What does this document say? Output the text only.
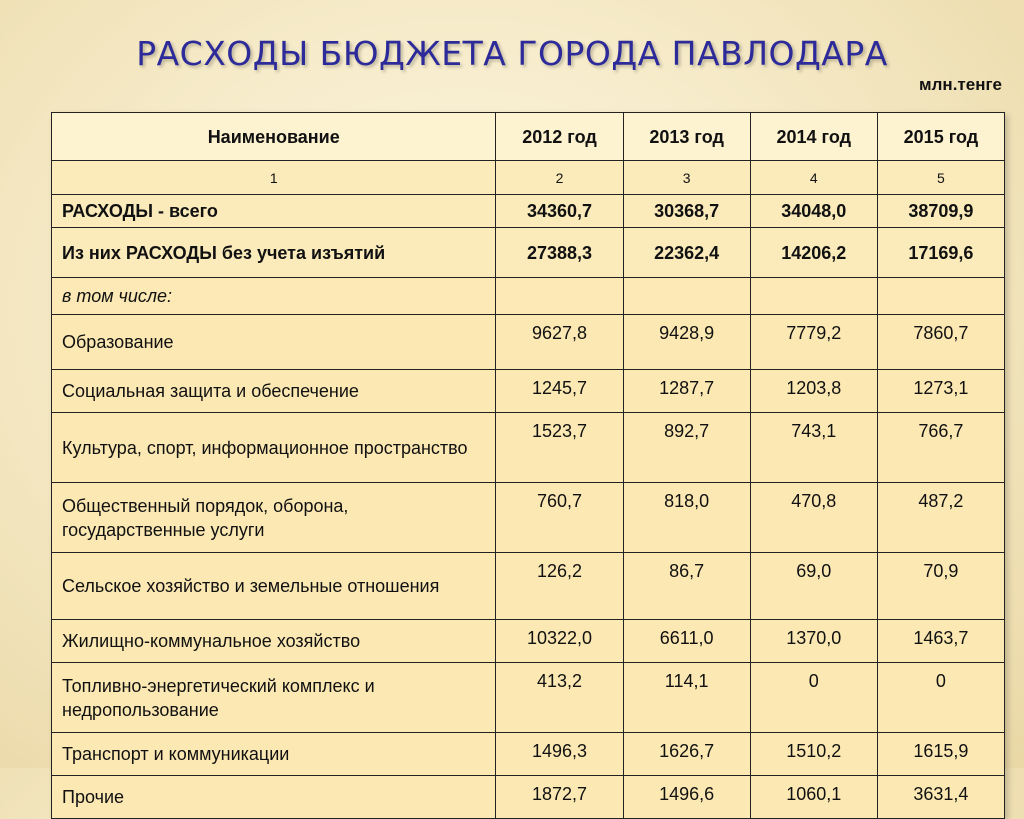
РАСХОДЫ БЮДЖЕТА ГОРОДА ПАВЛОДАРА
млн.тенге
Наименование	2012 год	2013 год	2014 год	2015 год
1	2	3	4	5
РАСХОДЫ - всего	34360,7	30368,7	34048,0	38709,9
Из них РАСХОДЫ без учета изъятий	27388,3	22362,4	14206,2	17169,6
в том числе:				
Образование	9627,8	9428,9	7779,2	7860,7
Социальная защита и обеспечение	1245,7	1287,7	1203,8	1273,1
Культура, спорт, информационное пространство	1523,7	892,7	743,1	766,7
Общественный порядок, оборона, государственные услуги	760,7	818,0	470,8	487,2
Сельское хозяйство и земельные отношения	126,2	86,7	69,0	70,9
Жилищно-коммунальное хозяйство	10322,0	6611,0	1370,0	1463,7
Топливно-энергетический комплекс и недропользование	413,2	114,1	0	0
Транспорт и коммуникации	1496,3	1626,7	1510,2	1615,9
Прочие	1872,7	1496,6	1060,1	3631,4
